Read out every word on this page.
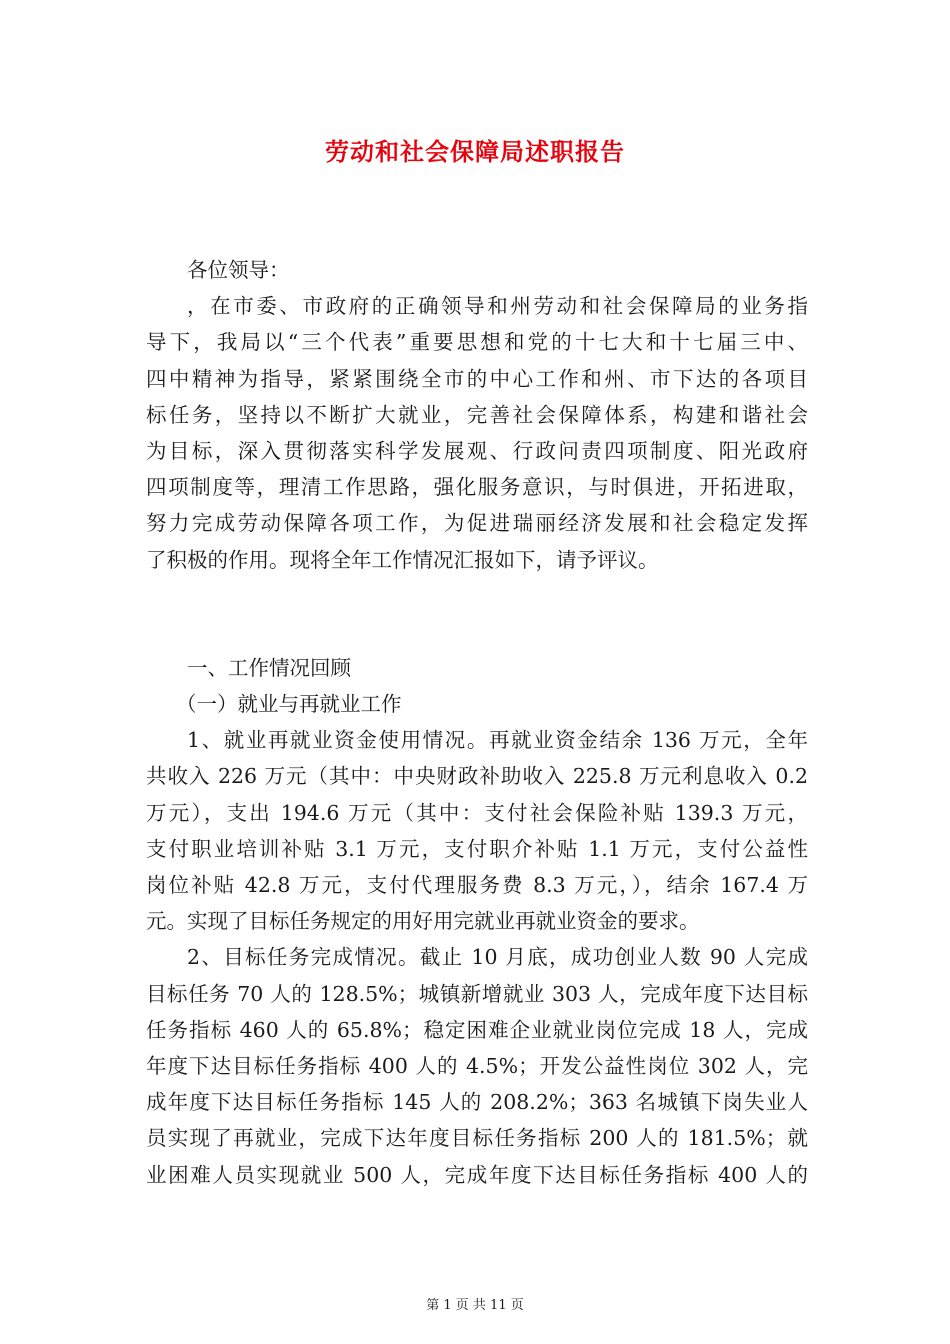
劳动和社会保障局述职报告

各位领导：

，在市委、市政府的正确领导和州劳动和社会保障局的业务指
导下，我局以“三个代表”重要思想和党的十七大和十七届三中、
四中精神为指导，紧紧围绕全市的中心工作和州、市下达的各项目
标任务，坚持以不断扩大就业，完善社会保障体系，构建和谐社会
为目标，深入贯彻落实科学发展观、行政问责四项制度、阳光政府
四项制度等，理清工作思路，强化服务意识，与时俱进，开拓进取，
努力完成劳动保障各项工作，为促进瑞丽经济发展和社会稳定发挥
了积极的作用。现将全年工作情况汇报如下，请予评议。

一、工作情况回顾

（一）就业与再就业工作

1、就业再就业资金使用情况。再就业资金结余 136 万元，全年
共收入 226 万元（其中：中央财政补助收入 225.8 万元利息收入 0.2
万元），支出 194.6 万元（其中：支付社会保险补贴 139.3 万元，
支付职业培训补贴 3.1 万元，支付职介补贴 1.1 万元，支付公益性
岗位补贴 42.8 万元，支付代理服务费 8.3 万元，），结余 167.4 万
元。实现了目标任务规定的用好用完就业再就业资金的要求。
2、目标任务完成情况。截止 10 月底，成功创业人数 90 人完成
目标任务 70 人的 128.5%；城镇新增就业 303 人，完成年度下达目标
任务指标 460 人的 65.8%；稳定困难企业就业岗位完成 18 人，完成
年度下达目标任务指标 400 人的 4.5%；开发公益性岗位 302 人，完
成年度下达目标任务指标 145 人的 208.2%；363 名城镇下岗失业人
员实现了再就业，完成下达年度目标任务指标 200 人的 181.5%；就
业困难人员实现就业 500 人，完成年度下达目标任务指标 400 人的
第 1 页 共 11 页
